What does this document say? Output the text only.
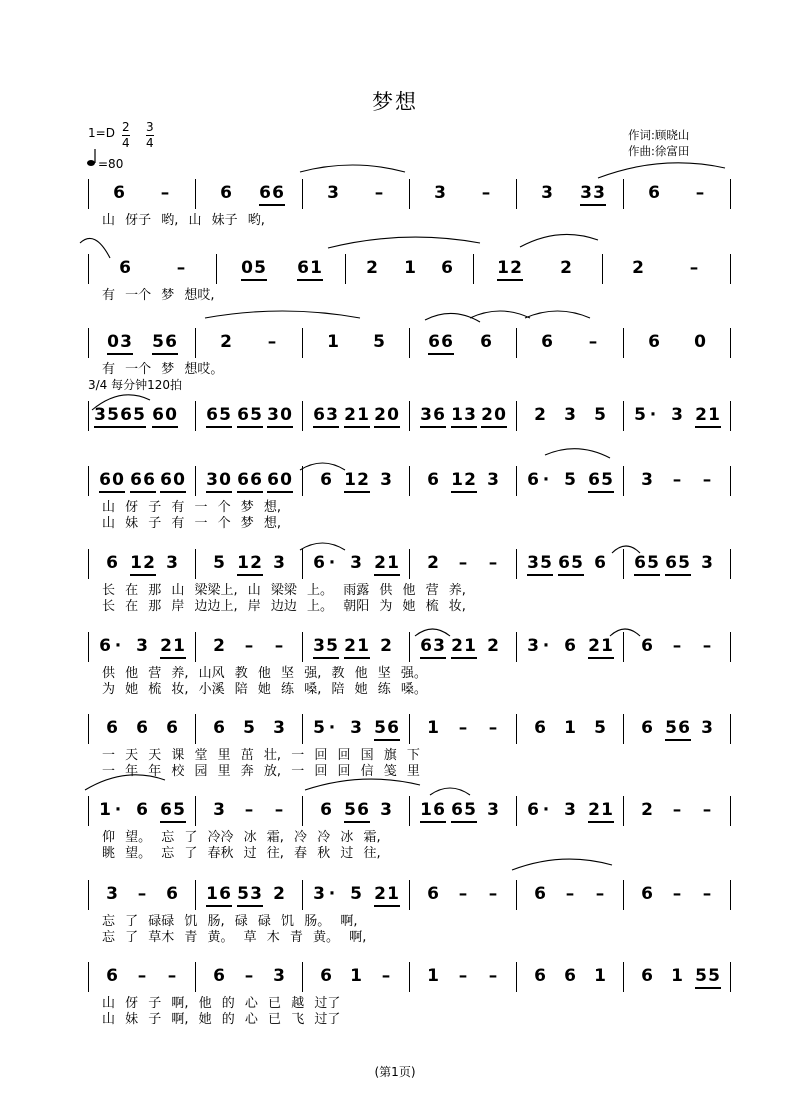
梦想
1=D 2
4
3
4
=80
作词:顾晓山
作曲:徐富田
3/4 每分钟120拍
6 –	6 6 6	3 –	3 –	3 3 3	6 –
山 伢子 哟, 山 妹子 哟,
6	–	0 5 6 1	2 1 6	1 2 2	2	–
有 一个 梦 想哎,
0 3 5 6	2 –	1 5	6 6 6	6 –	6 0
有 一个 梦 想哎。
3 5 6 5 6 0 6 5 6 5 3 0 6 3 2 1 2 0 3 6 1 3 2 0 2 3 5 5 · 3 2 1
6 0 6 6 6 0 3 0 6 6 6 0 6 1 2 3 6 1 2 3 6 · 5 6 5 3 – –
山 伢 子 有 一 个 梦 想,
山 妹 子 有 一 个 梦 想,
6 1 2 3 5 1 2 3 6 · 3 2 1 2 – – 3 5 6 5 6 6 5 6 5 3
长 在 那 山 梁梁上, 山 梁梁 上。 雨露 供 他 营 养,
长 在 那 岸 边边上, 岸 边边 上。 朝阳 为 她 梳 妆,
6 · 3 2 1 2 – – 3 5 2 1 2 6 3 2 1 2 3 · 6 2 1 6 – –
供 他 营 养, 山风 教 他 坚 强, 教 他 坚 强。
为 她 梳 妆, 小溪 陪 她 练 嗓, 陪 她 练 嗓。
6 6 6 6 5 3 5 · 3 5 6 1 – – 6 1 5 6 5 6 3
一 天 天 课 堂 里 茁 壮, 一 回 回 国 旗 下
一 年 年 校 园 里 奔 放, 一 回 回 信 笺 里
1 · 6 6 5 3 – – 6 5 6 3 1 6 6 5 3 6 · 3 2 1 2 – –
仰 望。 忘 了 冷冷 冰 霜, 冷 冷 冰 霜,
眺 望。 忘 了 春秋 过 往, 春 秋 过 往,
3 – 6 1 6 5 3 2 3 · 5 2 1 6 – – 6 – – 6 – –
忘 了 碌碌 饥 肠, 碌 碌 饥 肠。 啊,
忘 了 草木 青 黄。 草 木 青 黄。 啊,
6 – – 6 – 3 6 1 – 1 – – 6 6 1 6 1 5 5
山 伢 子 啊, 他 的 心 已 越 过了
山 妹 子 啊, 她 的 心 已 飞 过了
(第1页)
